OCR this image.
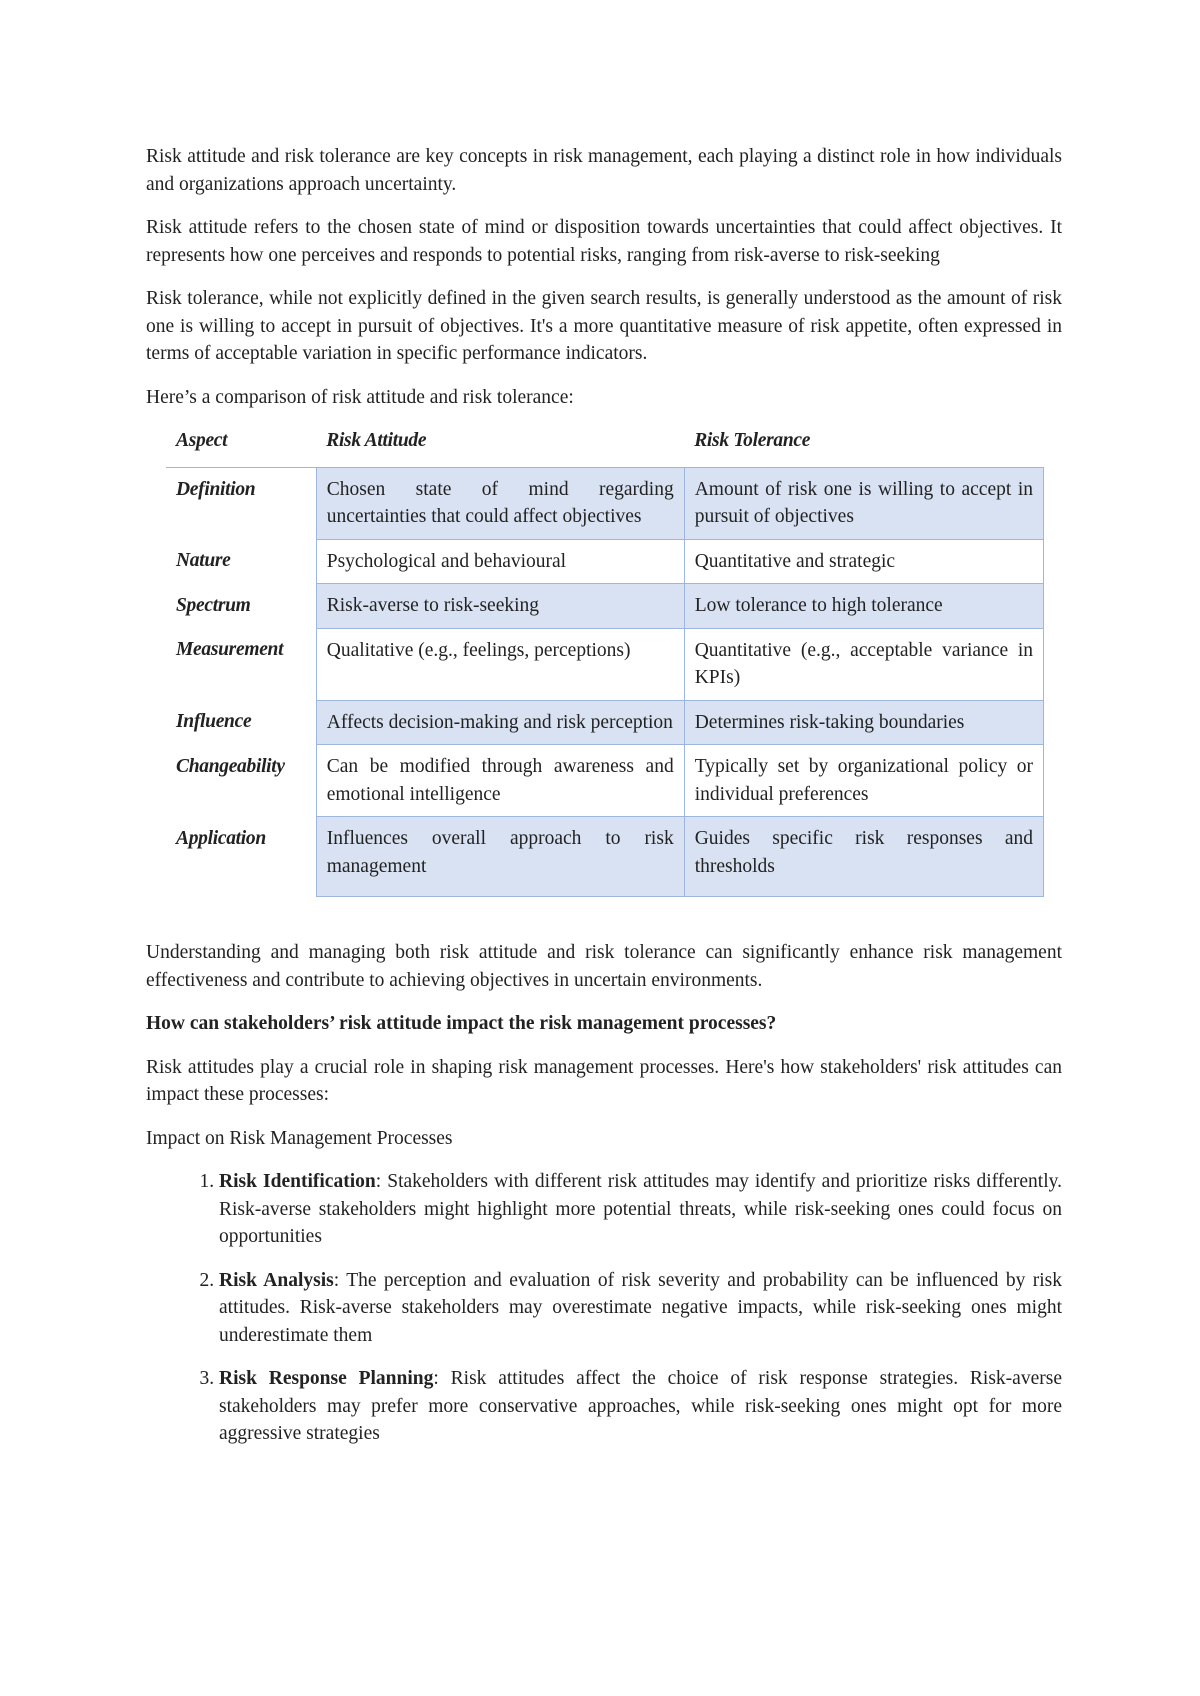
Risk attitude and risk tolerance are key concepts in risk management, each playing a distinct role in how individuals and organizations approach uncertainty.

Risk attitude refers to the chosen state of mind or disposition towards uncertainties that could affect objectives. It represents how one perceives and responds to potential risks, ranging from risk-averse to risk-seeking

Risk tolerance, while not explicitly defined in the given search results, is generally understood as the amount of risk one is willing to accept in pursuit of objectives. It's a more quantitative measure of risk appetite, often expressed in terms of acceptable variation in specific performance indicators.

Here’s a comparison of risk attitude and risk tolerance:

Aspect	Risk Attitude	Risk Tolerance
Definition	Chosen state of mind regarding uncertainties that could affect objectives	Amount of risk one is willing to accept in pursuit of objectives
Nature	Psychological and behavioural	Quantitative and strategic
Spectrum	Risk-averse to risk-seeking	Low tolerance to high tolerance
Measurement	Qualitative (e.g., feelings, perceptions)	Quantitative (e.g., acceptable variance in KPIs)
Influence	Affects decision-making and risk perception	Determines risk-taking boundaries
Changeability	Can be modified through awareness and emotional intelligence	Typically set by organizational policy or individual preferences
Application	Influences overall approach to risk management	Guides specific risk responses and thresholds

Understanding and managing both risk attitude and risk tolerance can significantly enhance risk management effectiveness and contribute to achieving objectives in uncertain environments.

How can stakeholders’ risk attitude impact the risk management processes?

Risk attitudes play a crucial role in shaping risk management processes. Here's how stakeholders' risk attitudes can impact these processes:

Impact on Risk Management Processes

1. Risk Identification: Stakeholders with different risk attitudes may identify and prioritize risks differently. Risk-averse stakeholders might highlight more potential threats, while risk-seeking ones could focus on opportunities
2. Risk Analysis: The perception and evaluation of risk severity and probability can be influenced by risk attitudes. Risk-averse stakeholders may overestimate negative impacts, while risk-seeking ones might underestimate them
3. Risk Response Planning: Risk attitudes affect the choice of risk response strategies. Risk-averse stakeholders may prefer more conservative approaches, while risk-seeking ones might opt for more aggressive strategies
